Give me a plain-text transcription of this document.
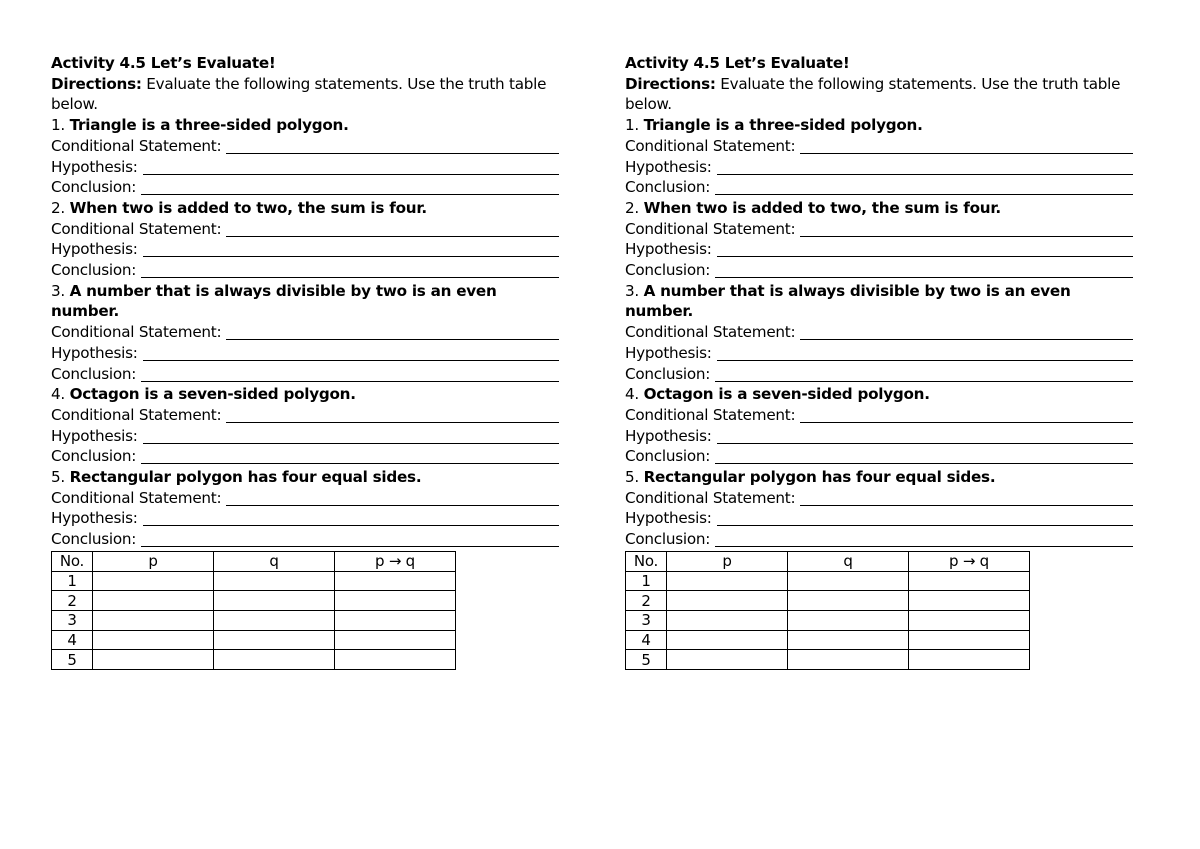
Activity 4.5 Let’s Evaluate!
Directions: Evaluate the following statements. Use the truth table below.
1. Triangle is a three-sided polygon.
Conditional Statement:
Hypothesis:
Conclusion:
2. When two is added to two, the sum is four.
Conditional Statement:
Hypothesis:
Conclusion:
3. A number that is always divisible by two is an even number.
Conditional Statement:
Hypothesis:
Conclusion:
4. Octagon is a seven-sided polygon.
Conditional Statement:
Hypothesis:
Conclusion:
5. Rectangular polygon has four equal sides.
Conditional Statement:
Hypothesis:
Conclusion:
No.	p	q	p → q
1			
2			
3			
4			
5			
Activity 4.5 Let’s Evaluate!
Directions: Evaluate the following statements. Use the truth table below.
1. Triangle is a three-sided polygon.
Conditional Statement:
Hypothesis:
Conclusion:
2. When two is added to two, the sum is four.
Conditional Statement:
Hypothesis:
Conclusion:
3. A number that is always divisible by two is an even number.
Conditional Statement:
Hypothesis:
Conclusion:
4. Octagon is a seven-sided polygon.
Conditional Statement:
Hypothesis:
Conclusion:
5. Rectangular polygon has four equal sides.
Conditional Statement:
Hypothesis:
Conclusion:
No.	p	q	p → q
1			
2			
3			
4			
5			
